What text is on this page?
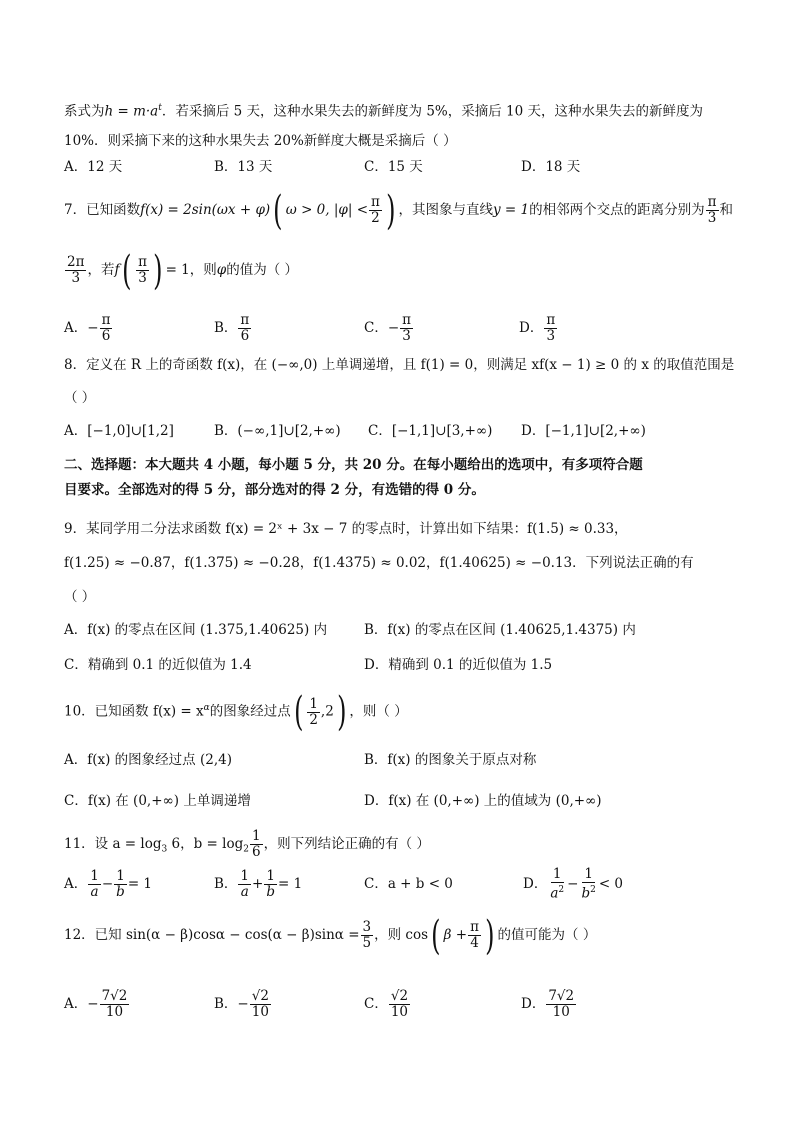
系式为$h = m\cdot a^t$．若采摘后 5 天，这种水果失去的新鲜度为 5%，采摘后 10 天，这种水果失去的新鲜度为
10%．则采摘下来的这种水果失去 20%新鲜度大概是采摘后（ ）
A．12 天	B．13 天	C．15 天	D．18 天
7．已知函数f(x) = 2sin(ωx + φ)( ω > 0, $|\varphi| < \frac{\pi}{2}$ ) ，其图象与直线y = 1的相邻两个交点的距离分别为 $\frac{\pi}{3}$ 和
$\frac{2\pi}{3}$ ，若$f( \frac{\pi}{3}$ ) = 1，则φ的值为（ ）
A．− $\frac{\pi}{6}$	B． $\frac{\pi}{6}$	C．− $\frac{\pi}{3}$	D． $\frac{\pi}{3}$
8．定义在 R 上的奇函数 f(x)，在 (−∞,0) 上单调递增，且 f(1) = 0，则满足 xf(x − 1) ≥ 0 的 x 的取值范围是
（ ）
A．[−1,0]∪[1,2]	B．(−∞,1]∪[2,+∞) C．[−1,1]∪[3,+∞) D．[−1,1]∪[2,+∞)
二、选择题：本大题共 4 小题，每小题 5 分，共 20 分。在每小题给出的选项中，有多项符合题
目要求。全部选对的得 5 分，部分选对的得 2 分，有选错的得 0 分。
9．某同学用二分法求函数 f(x) = 2ˣ + 3x − 7 的零点时，计算出如下结果：f(1.5) ≈ 0.33，
f(1.25) ≈ −0.87，f(1.375) ≈ −0.28，f(1.4375) ≈ 0.02，f(1.40625) ≈ −0.13．下列说法正确的有
（ ）
A．f(x) 的零点在区间 (1.375,1.40625) 内	B．f(x) 的零点在区间 (1.40625,1.4375) 内
C．精确到 0.1 的近似值为 1.4	D．精确到 0.1 的近似值为 1.5
10．已知函数 $f(x) = x^\alpha$的图象经过点( $\frac{1}{2} ,2$) ，则（ ）
A．f(x) 的图象经过点 (2,4)	B．f(x) 的图象关于原点对称
C．f(x) 在 (0,+∞) 上单调递增	D．f(x) 在 (0,+∞) 上的值域为 (0,+∞)
11．设 $a = \log_3 6$，$b = \log_2 \frac{1}{6}$ ，则下列结论正确的有（ ）
A． $\frac{1}{a} - \frac{1}{b} = 1$	B． $\frac{1}{a} + \frac{1}{b} = 1$	C．a + b < 0	D． $\frac{1}{a^2} - \frac{1}{b^2} < 0$
12．已知 $\sin(\alpha - \beta)\cos\alpha - \cos(\alpha - \beta)\sin\alpha = \frac{3}{5}$ ，则 cos( $\beta + \frac{\pi}{4}$ ) 的值可能为（ ）
A．− $\frac{7√2}{10}$	B．− $\frac{√2}{10}$	C． $\frac{√2}{10}$	D． $\frac{7√2}{10}$
